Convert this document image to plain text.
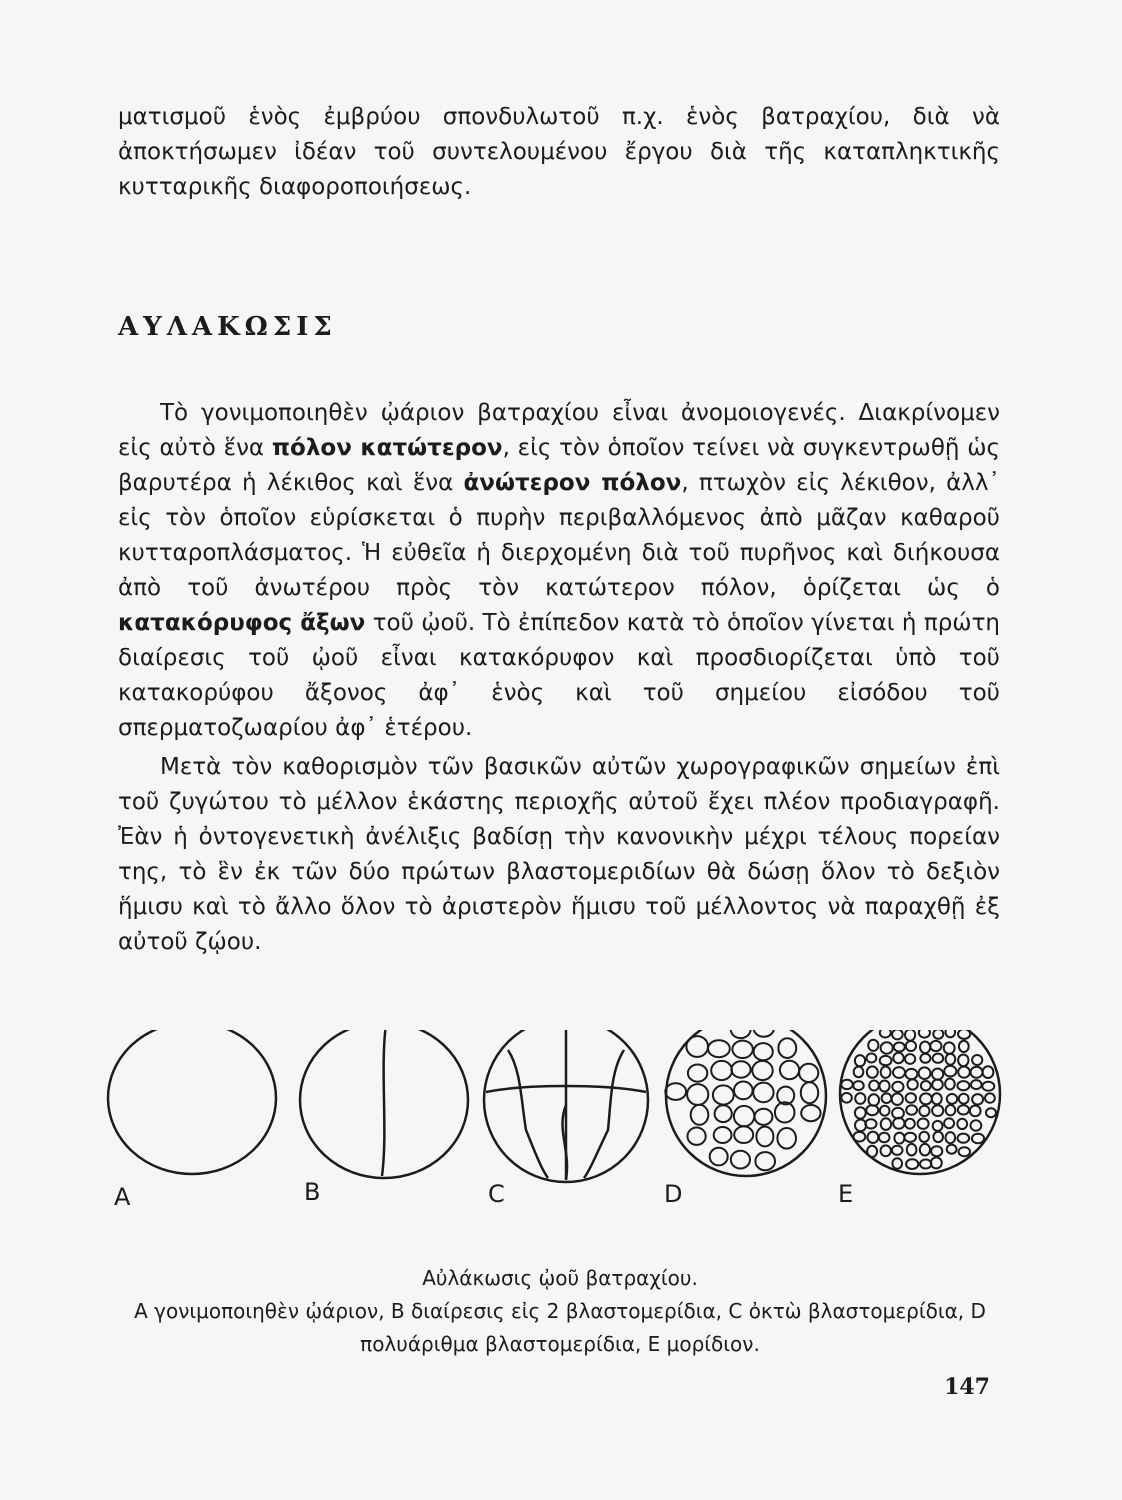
ματισμοῦ ἑνὸς ἐμβρύου σπονδυλωτοῦ π.χ. ἑνὸς βατραχίου, διὰ νὰ ἀποκτήσωμεν ἰδέαν τοῦ συντελουμένου ἔργου διὰ τῆς καταπληκτικῆς κυτταρικῆς διαφοροποιήσεως.

ΑΥΛΑΚΩΣΙΣ

Τὸ γονιμοποιηθὲν ᾠάριον βατραχίου εἶναι ἀνομοιογενές. Διακρίνομεν εἰς αὐτὸ ἕνα πόλον κατώτερον, εἰς τὸν ὁποῖον τείνει νὰ συγκεντρωθῇ ὡς βαρυτέρα ἡ λέκιθος καὶ ἕνα ἀνώτερον πόλον, πτωχὸν εἰς λέκιθον, ἀλλ᾽ εἰς τὸν ὁποῖον εὑρίσκεται ὁ πυρὴν περιβαλλόμενος ἀπὸ μᾶζαν καθαροῦ κυτταροπλάσματος. Ἡ εὐθεῖα ἡ διερχομένη διὰ τοῦ πυρῆνος καὶ διήκουσα ἀπὸ τοῦ ἀνωτέρου πρὸς τὸν κατώτερον πόλον, ὁρίζεται ὡς ὁ κατακόρυφος ἄξων τοῦ ᾠοῦ. Τὸ ἐπίπεδον κατὰ τὸ ὁποῖον γίνεται ἡ πρώτη διαίρεσις τοῦ ᾠοῦ εἶναι κατακόρυφον καὶ προσδιορίζεται ὑπὸ τοῦ κατακορύφου ἄξονος ἀφ᾽ ἑνὸς καὶ τοῦ σημείου εἰσόδου τοῦ σπερματοζωαρίου ἀφ᾽ ἑτέρου.

Μετὰ τὸν καθορισμὸν τῶν βασικῶν αὐτῶν χωρογραφικῶν σημείων ἐπὶ τοῦ ζυγώτου τὸ μέλλον ἑκάστης περιοχῆς αὐτοῦ ἔχει πλέον προδιαγραφῆ. Ἐὰν ἡ ὀντογενετικὴ ἀνέλιξις βαδίσῃ τὴν κανονικὴν μέχρι τέλους πορείαν της, τὸ ἓν ἐκ τῶν δύο πρώτων βλαστομεριδίων θὰ δώσῃ ὅλον τὸ δεξιὸν ἥμισυ καὶ τὸ ἄλλο ὅλον τὸ ἀριστερὸν ἥμισυ τοῦ μέλλοντος νὰ παραχθῇ ἐξ αὐτοῦ ζῴου.

A	B	C	D	E

Αὐλάκωσις ᾠοῦ βατραχίου.
Α γονιμοποιηθὲν ᾠάριον, Β διαίρεσις εἰς 2 βλαστομερίδια, C ὀκτὼ βλαστομερίδια, D πολυάριθμα βλαστομερίδια, Ε μορίδιον.

147
